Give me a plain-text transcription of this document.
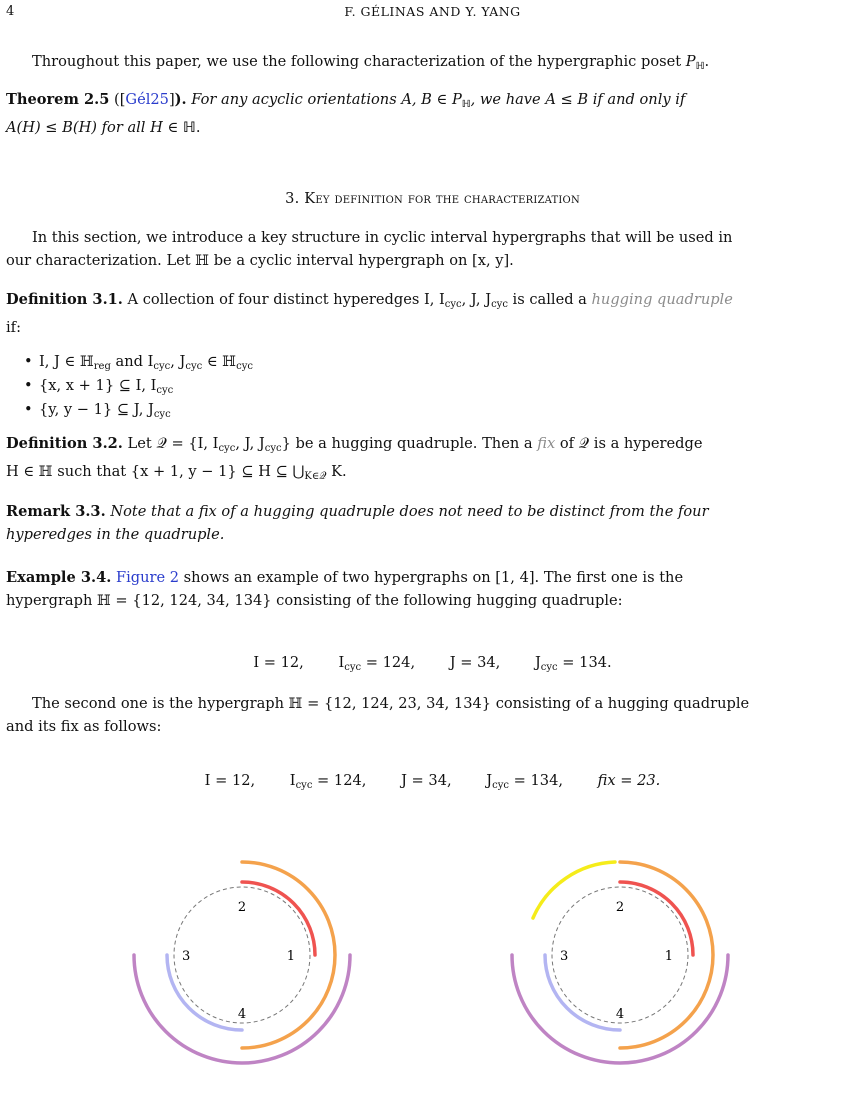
4	F. GÉLINAS AND Y. YANG
Throughout this paper, we use the following characterization of the hypergraphic poset $P_ℍ$.
Theorem 2.5 ([Gél25]). For any acyclic orientations A, B ∈ $P_ℍ$, we have A ≤ B if and only if
A(H) ≤ B(H) for all H ∈ ℍ.
3. Key definition for the characterization
In this section, we introduce a key structure in cyclic interval hypergraphs that will be used in
our characterization. Let ℍ be a cyclic interval hypergraph on [x, y].
Definition 3.1. A collection of four distinct hyperedges I, $I_{cyc}$, J, $J_{cyc}$ is called a hugging quadruple
if:
• I, J ∈ ℍ$_{reg}$ and $I_{cyc}$, $J_{cyc}$ ∈ ℍ$_{cyc}$
• {x, x + 1} ⊆ I, $I_{cyc}$
• {y, y − 1} ⊆ J, $J_{cyc}$
Definition 3.2. Let 𝒬 = {I, $I_{cyc}$, J, $J_{cyc}$} be a hugging quadruple. Then a fix of 𝒬 is a hyperedge
H ∈ ℍ such that {x + 1, y − 1} ⊆ H ⊆ $⋃_{K\in 𝒬}$ K.
Remark 3.3. Note that a fix of a hugging quadruple does not need to be distinct from the four
hyperedges in the quadruple.
Example 3.4. Figure 2 shows an example of two hypergraphs on [1, 4]. The first one is the
hypergraph ℍ = {12, 124, 34, 134} consisting of the following hugging quadruple:
I = 12, $I_{cyc} = 124$, J = 34, $J_{cyc} = 134$.
The second one is the hypergraph ℍ = {12, 124, 23, 34, 134} consisting of a hugging quadruple
and its fix as follows:
I = 12, $I_{cyc} = 124$, J = 34, $J_{cyc} = 134$, fix = 23.
1
2
3
4
1
2
3
4
